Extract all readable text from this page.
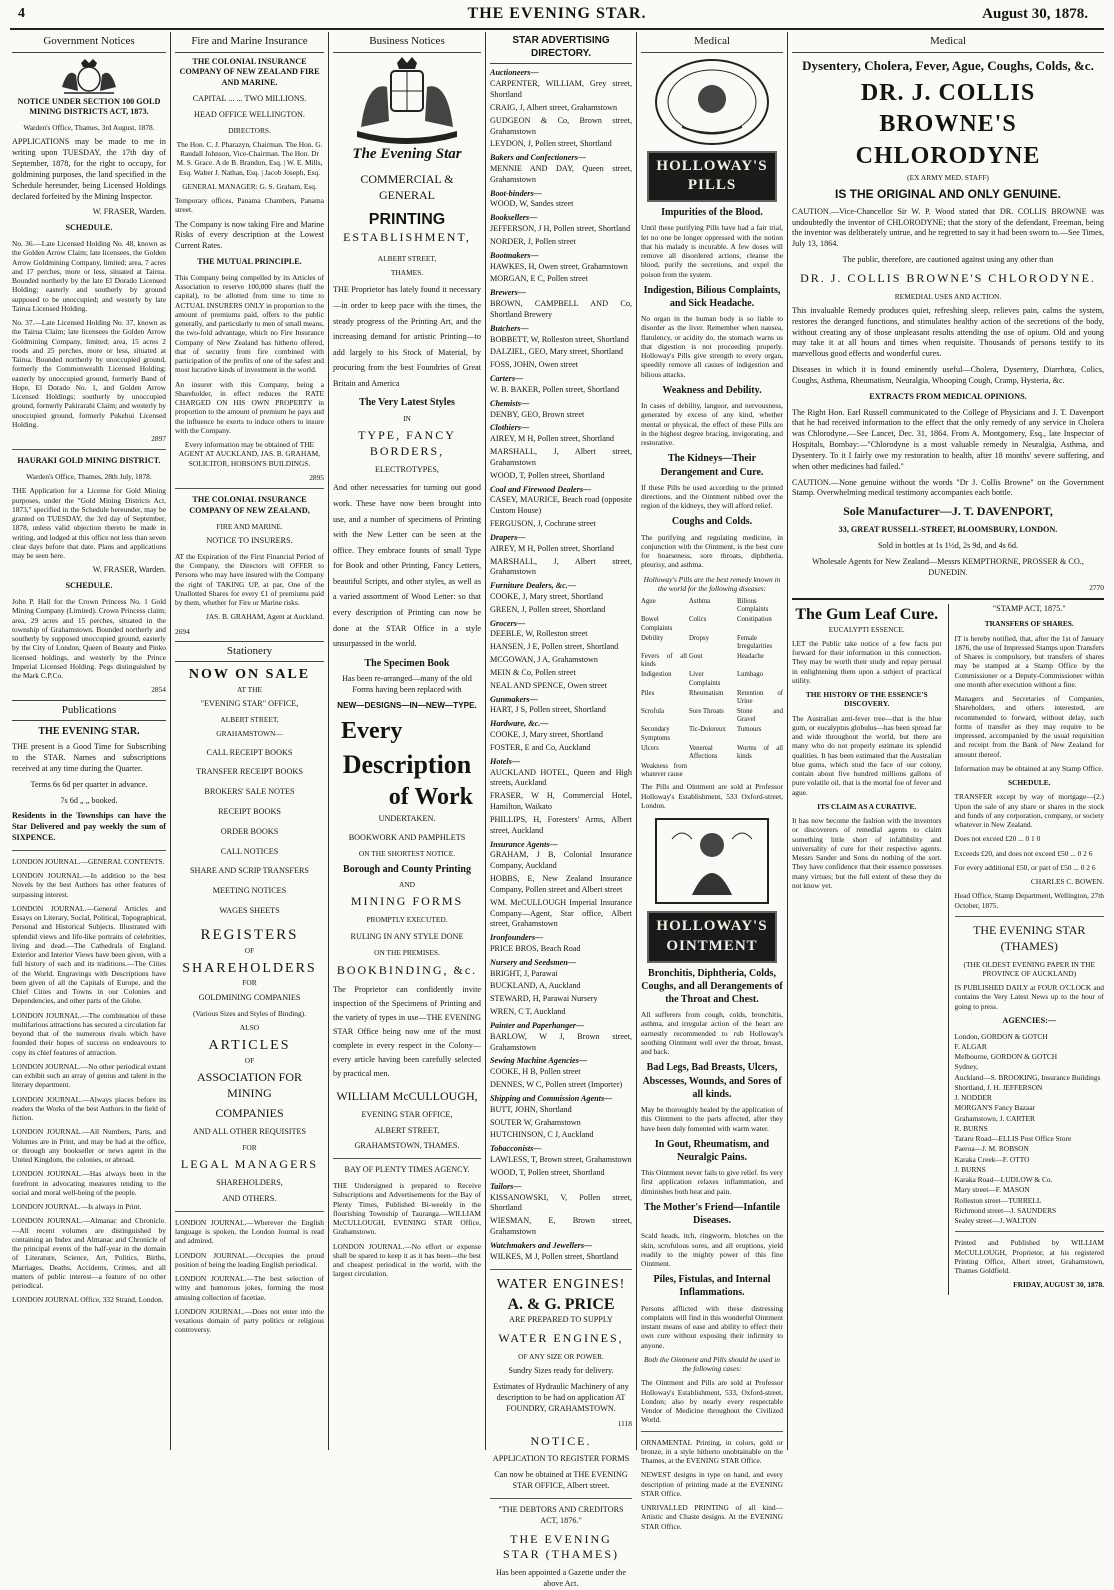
4	THE EVENING STAR.	August 30, 1878.
Government Notices
NOTICE UNDER SECTION 100 GOLD MINING DISTRICTS ACT, 1873.
Warden's Office, Thames, 3rd August, 1878.
APPLICATIONS may be made to me in writing upon TUESDAY, the 17th day of September, 1878, for the right to occupy, for goldmining purposes, the land specified in the Schedule hereunder, being Licensed Holdings declared forfeited by the Mining Inspector.
W. FRASER, Warden.
SCHEDULE.
No. 36.—Late Licensed Holding No. 48, known as the Golden Arrow Claim; late licensees, the Golden Arrow Goldmining Company, limited; area, 7 acres and 17 perches, more or less, situated at Tairua. Bounded northerly by the late El Dorado Licensed Holding; easterly and southerly by ground supposed to be unoccupied; and westerly by late Tairua Licensed Holding.
No. 37.—Late Licensed Holding No. 37, known as the Tairua Claim; late licensees the Golden Arrow Goldmining Company, limited; area, 15 acres 2 roods and 25 perches, more or less, situated at Tairua. Bounded northerly by unoccupied ground, formerly the Commonwealth Licensed Holding; easterly by unoccupied ground, formerly Band of Hope, El Dorado No. 1, and Golden Arrow Licensed Holdings; southerly by unoccupied ground, formerly Pakirarahi Claim; and westerly by unoccupied ground, formerly Pukehui Licensed Holding.
2897
HAURAKI GOLD MINING DISTRICT.
Warden's Office, Thames, 28th July, 1878.
THE Application for a License for Gold Mining purposes, under the "Gold Mining Districts Act, 1873," specified in the Schedule hereunder, may be granted on TUESDAY, the 3rd day of September, 1878, unless valid objection thereto be made in writing, and lodged at this office not less than seven clear days before that date. Plans and applications may be seen here.
W. FRASER, Warden.
SCHEDULE.
John P. Hall for the Crown Princess No. 1 Gold Mining Company (Limited). Crown Princess claim; area, 29 acres and 15 perches, situated in the township of Grahamstown. Bounded northerly and southerly by supposed unoccupied ground, easterly by the City of London, Queen of Beauty and Pinko licensed holdings, and westerly by the Prince Imperial Licensed Holding. Pegs distinguished by the Mark C.P.Co.
2854
Publications
THE EVENING STAR.
THE present is a Good Time for Subscribing to the STAR. Names and subscriptions received at any time during the Quarter.
Terms 6s 6d per quarter in advance.
7s 6d „ „ booked.
Residents in the Townships can have the Star Delivered and pay weekly the sum of SIXPENCE.
LONDON JOURNAL.—GENERAL CONTENTS.
LONDON JOURNAL.—In addition to the best Novels by the best Authors has other features of surpassing interest.
LONDON JOURNAL.—General Articles and Essays on Literary, Social, Political, Topographical, Personal and Historical Subjects. Illustrated with splendid views and life-like portraits of celebrities, living and dead.—The Cathedrals of England. Exterior and Interior Views have been given, with a full history of each and its traditions.—The Cities of the World. Engravings with Descriptions have been given of all the Capitals of Europe, and the Chief Cities and Towns in our Colonies and Dependencies, and other parts of the Globe.
LONDON JOURNAL.—The combination of these multifarious attractions has secured a circulation far beyond that of the numerous rivals which have founded their hopes of success on endeavours to copy its chief features of attraction.
LONDON JOURNAL.—No other periodical extant can exhibit such an array of genius and talent in the literary department.
LONDON JOURNAL.—Always places before its readers the Works of the best Authors in the field of fiction.
LONDON JOURNAL.—All Numbers, Parts, and Volumes are in Print, and may be had at the office, or through any bookseller or news agent in the United Kingdom, the colonies, or abroad.
LONDON JOURNAL.—Has always been in the forefront in advocating measures tending to the social and moral well-being of the people.
LONDON JOURNAL.—Is always in Print.
LONDON JOURNAL.—Almanac and Chronicle.—All recent volumes are distinguished by containing an Index and Almanac and Chronicle of the principal events of the half-year in the domain of Literature, Science, Art, Politics, Births, Marriages, Deaths, Accidents, Crimes, and all matters of public interest—a feature of no other periodical.
LONDON JOURNAL Office, 332 Strand, London.
Fire and Marine Insurance
THE COLONIAL INSURANCE COMPANY OF NEW ZEALAND FIRE AND MARINE.
CAPITAL ... ... TWO MILLIONS.
HEAD OFFICE WELLINGTON.
DIRECTORS.
The Hon. C. J. Pharazyn, Chairman. The Hon. G. Randall Johnson, Vice-Chairman. The Hon. Dr M. S. Grace. A de B. Brandon, Esq. | W. E. Mills, Esq. Walter J. Nathan, Esq. | Jacob Joseph, Esq.
GENERAL MANAGER: G. S. Graham, Esq.
Temporary offices, Panama Chambers, Panama street.
The Company is now taking Fire and Marine Risks of every description at the Lowest Current Rates.
THE MUTUAL PRINCIPLE.
This Company being compelled by its Articles of Association to reserve 100,000 shares (half the capital), to be allotted from time to time to ACTUAL INSURERS ONLY in proportion to the amount of premiums paid, offers to the public generally, and particularly to men of small means, the two-fold advantage, which no Fire Insurance Company of New Zealand has hitherto offered, that of security from fire combined with participation of the profits of one of the safest and most lucrative kinds of investment in the world.
An insurer with this Company, being a Shareholder, in effect reduces the RATE CHARGED ON HIS OWN PROPERTY in proportion to the amount of premium he pays and the influence he exerts to induce others to insure with the Company.
Every information may be obtained of THE AGENT AT AUCKLAND, JAS. B. GRAHAM, SOLICITOR, HOBSON'S BUILDINGS.
2895
THE COLONIAL INSURANCE COMPANY OF NEW ZEALAND,
FIRE AND MARINE.
NOTICE TO INSURERS.
AT the Expiration of the First Financial Period of the Company, the Directors will OFFER to Persons who may have insured with the Company the right of TAKING UP, at par, One of the Unallotted Shares for every £1 of premiums paid by them, whether for Fire or Marine risks.
JAS. B. GRAHAM, Agent at Auckland.
2694
Stationery
NOW ON SALE
AT THE
"EVENING STAR" OFFICE,
ALBERT STREET,
GRAHAMSTOWN—
CALL RECEIPT BOOKS
TRANSFER RECEIPT BOOKS
BROKERS' SALE NOTES
RECEIPT BOOKS
ORDER BOOKS
CALL NOTICES
SHARE AND SCRIP TRANSFERS
MEETING NOTICES
WAGES SHEETS
REGISTERS
OF
SHAREHOLDERS
FOR
GOLDMINING COMPANIES
(Various Sizes and Styles of Binding).
ALSO
ARTICLES
OF
ASSOCIATION FOR MINING
COMPANIES
AND ALL OTHER REQUISITES
FOR
LEGAL MANAGERS
SHAREHOLDERS,
AND OTHERS.
LONDON JOURNAL.—Wherever the English language is spoken, the London Journal is read and admired.
LONDON JOURNAL.—Occupies the proud position of being the leading English periodical.
LONDON JOURNAL.—The best selection of witty and humorous jokes, forming the most amusing collection of facetiae.
LONDON JOURNAL.—Does not enter into the vexatious domain of party politics or religious controversy.
Business Notices
The Evening Star
COMMERCIAL & GENERAL
PRINTING
ESTABLISHMENT,
ALBERT STREET,
THAMES.
THE Proprietor has lately found it necessary—in order to keep pace with the times, the steady progress of the Printing Art, and the increasing demand for artistic Printing—to add largely to his Stock of Material, by procuring from the best Foundries of Great Britain and America
The Very Latest Styles
IN
TYPE, FANCY BORDERS,
ELECTROTYPES,
And other necessaries for turning out good work. These have now been brought into use, and a number of specimens of Printing with the New Letter can be seen at the office. They embrace founts of small Type for Book and other Printing, Fancy Letters, beautiful Scripts, and other styles, as well as a varied assortment of Wood Letter: so that every description of Printing can now be done at the STAR Office in a style unsurpassed in the world.
The Specimen Book
Has been re-arranged—many of the old Forms having been replaced with
NEW—DESIGNS—IN—NEW—TYPE.
Every
Description
of Work
UNDERTAKEN.
BOOKWORK AND PAMPHLETS
ON THE SHORTEST NOTICE.
Borough and County Printing
AND
MINING FORMS
PROMPTLY EXECUTED.
RULING IN ANY STYLE DONE
ON THE PREMISES.
BOOKBINDING, &c.
The Proprietor can confidently invite inspection of the Specimens of Printing and the variety of types in use—THE EVENING STAR Office being now one of the most complete in every respect in the Colony—every article having been carefully selected by practical men.
WILLIAM McCULLOUGH,
EVENING STAR OFFICE,
ALBERT STREET,
GRAHAMSTOWN, THAMES.
BAY OF PLENTY TIMES AGENCY.
THE Undersigned is prepared to Receive Subscriptions and Advertisements for the Bay of Plenty Times, Published Bi-weekly in the flourishing Township of Tauranga.—WILLIAM McCULLOUGH, EVENING STAR Office, Grahamstown.
LONDON JOURNAL.—No effort or expense shall be spared to keep it as it has been—the best and cheapest periodical in the world, with the largest circulation.
STAR ADVERTISING DIRECTORY.
Auctioneers—
CARPENTER, WILLIAM, Grey street, Shortland
CRAIG, J, Albert street, Grahamstown
GUDGEON & Co, Brown street, Grahamstown
LEYDON, J, Pollen street, Shortland
Bakers and Confectioners—
MENNIE AND DAY, Queen street, Grahamstown
Boot-binders—
WOOD, W, Sandes street
Booksellers—
JEFFERSON, J H, Pollen street, Shortland
NORDER, J, Pollen street
Bootmakers—
HAWKES, H, Owen street, Grahamstown
MORGAN, E C, Pollen street
Brewers—
BROWN, CAMPBELL AND Co, Shortland Brewery
Butchers—
BOBBETT, W, Rolleston street, Shortland
DALZIEL, GEO, Mary street, Shortland
FOSS, JOHN, Owen street
Carters—
W. B. BAKER, Pollen street, Shortland
Chemists—
DENBY, GEO, Brown street
Clothiers—
AIREY, M H, Pollen street, Shortland
MARSHALL, J, Albert street, Grahamstown
WOOD, T, Pollen street, Shortland
Coal and Firewood Dealers—
CASEY, MAURICE, Beach road (opposite Custom House)
FERGUSON, J, Cochrane street
Drapers—
AIREY, M H, Pollen street, Shortland
MARSHALL, J, Albert street, Grahamstown
Furniture Dealers, &c.—
COOKE, J, Mary street, Shortland
GREEN, J, Pollen street, Shortland
Grocers—
DEEBLE, W, Rolleston street
HANSEN, J E, Pollen street, Shortland
MCGOWAN, J A, Grahamstown
MEIN & Co, Pollen street
NEAL AND SPENCE, Owen street
Gunmakers—
HART, J S, Pollen street, Shortland
Hardware, &c.—
COOKE, J, Mary street, Shortland
FOSTER, E and Co, Auckland
Hotels—
AUCKLAND HOTEL, Queen and High streets, Auckland
FRASER, W H, Commercial Hotel, Hamilton, Waikato
PHILLIPS, H, Foresters' Arms, Albert street, Auckland
Insurance Agents—
GRAHAM, J B, Colonial Insurance Company, Auckland
HOBBS, E, New Zealand Insurance Company, Pollen street and Albert street
WM. McCULLOUGH Imperial Insurance Company—Agent, Star office, Albert street, Grahamstown
Ironfounders—
PRICE BROS, Beach Road
Nursery and Seedsmen—
BRIGHT, J, Parawai
BUCKLAND, A, Auckland
STEWARD, H, Parawai Nursery
WREN, C T, Auckland
Painter and Paperhanger—
BARLOW, W J, Brown street, Grahamstown
Sewing Machine Agencies—
COOKE, H B, Pollen street
DENNES, W C, Pollen street (Importer)
Shipping and Commission Agents—
BUTT, JOHN, Shortland
SOUTER W, Grahamstown
HUTCHINSON, C J, Auckland
Tobacconists—
LAWLESS, T, Brown street, Grahamstown
WOOD, T, Pollen street, Shortland
Tailors—
KISSANOWSKI, V, Pollen street, Shortland
WIESMAN, E, Brown street, Grahamstown
Watchmakers and Jewellers—
WILKES, M J, Pollen street, Shortland
WATER ENGINES!
A. & G. PRICE
ARE PREPARED TO SUPPLY
WATER ENGINES,
OF ANY SIZE OR POWER.
Sundry Sizes ready for delivery.
Estimates of Hydraulic Machinery of any description to be had on application AT FOUNDRY, GRAHAMSTOWN.
1118
NOTICE.
APPLICATION TO REGISTER FORMS
Can now be obtained at THE EVENING STAR OFFICE, Albert street.
"THE DEBTORS AND CREDITORS ACT, 1876."
THE EVENING STAR (THAMES)
Has been appointed a Gazette under the above Act.
Medical
HOLLOWAY'S PILLS
Impurities of the Blood.
Until these purifying Pills have had a fair trial, let no one be longer oppressed with the notion that his malady is incurable. A few doses will remove all disordered actions, cleanse the blood, purify the secretions, and expel the poison from the system.
Indigestion, Bilious Complaints, and Sick Headache.
No organ in the human body is so liable to disorder as the liver. Remember when nausea, flatulency, or acidity do, the stomach warns us that digestion is not proceeding properly. Holloway's Pills give strength to every organ, speedily remove all causes of indigestion and bilious attacks.
Weakness and Debility.
In cases of debility, languor, and nervousness, generated by excess of any kind, whether mental or physical, the effect of these Pills are in the highest degree bracing, invigorating, and restorative.
The Kidneys—Their Derangement and Cure.
If these Pills be used according to the printed directions, and the Ointment rubbed over the region of the kidneys, they will afford relief.
Coughs and Colds.
The purifying and regulating medicine, in conjunction with the Ointment, is the best cure for hoarseness, sore throats, diphtheria, pleurisy, and asthma.
Holloway's Pills are the best remedy known in the world for the following diseases:
Ague	Asthma	Bilious Complaints
Bowel Complaints
Colics	Constipation
Debility	Dropsy	Female Irregularities
Fevers of all kinds
Gout	Headache
Indigestion	Liver Complaints
Lumbago
Piles	Rheumatism	Retention of Urine
Scrofula	Sore Throats	Stone and Gravel
Secondary Symptoms
Tic-Doloreux	Tumours
Ulcers	Venereal Affections
Worms of all kinds
Weakness from whatever cause
The Pills and Ointment are sold at Professor Holloway's Establishment, 533 Oxford-street, London.
HOLLOWAY'S OINTMENT
Bronchitis, Diphtheria, Colds, Coughs, and all Derangements of the Throat and Chest.
All sufferers from cough, colds, bronchitis, asthma, and irregular action of the heart are earnestly recommended to rub Holloway's soothing Ointment well over the throat, breast, and back.
Bad Legs, Bad Breasts, Ulcers, Abscesses, Wounds, and Sores of all kinds.
May be thoroughly healed by the application of this Ointment to the parts affected, after they have been duly fomented with warm water.
In Gout, Rheumatism, and Neuralgic Pains.
This Ointment never fails to give relief. Its very first application relaxes inflammation, and diminishes both heat and pain.
The Mother's Friend—Infantile Diseases.
Scald heads, itch, ringworm, blotches on the skin, scrofulous sores, and all eruptions, yield readily to the mighty power of this fine Ointment.
Piles, Fistulas, and Internal Inflammations.
Persons afflicted with these distressing complaints will find in this wonderful Ointment instant means of ease and ability to effect their own cure without exposing their infirmity to anyone.
Both the Ointment and Pills should be used in the following cases:
The Ointment and Pills are sold at Professor Holloway's Establishment, 533, Oxford-street, London; also by nearly every respectable Vendor of Medicine throughout the Civilized World.
ORNAMENTAL Printing, in colors, gold or bronze, in a style hitherto unobtainable on the Thames, at the EVENING STAR Office.
NEWEST designs in type on hand, and every description of printing made at the EVENING STAR Office.
UNRIVALLED PRINTING of all kind—Artistic and Chaste designs. At the EVENING STAR Office.
Medical
Dysentery, Cholera, Fever, Ague, Coughs, Colds, &c.
DR. J. COLLIS BROWNE'S CHLORODYNE
(EX ARMY MED. STAFF)
IS THE ORIGINAL AND ONLY GENUINE.
CAUTION.—Vice-Chancellor Sir W. P. Wood stated that DR. COLLIS BROWNE was undoubtedly the inventor of CHLORODYNE; that the story of the defendant, Freeman, being the inventor was deliberately untrue, and he regretted to say it had been sworn to.—See Times, July 13, 1864.
The public, therefore, are cautioned against using any other than
DR. J. COLLIS BROWNE'S CHLORODYNE.
REMEDIAL USES AND ACTION.
This invaluable Remedy produces quiet, refreshing sleep, relieves pain, calms the system, restores the deranged functions, and stimulates healthy action of the secretions of the body, without creating any of those unpleasant results attending the use of opium. Old and young may take it at all hours and times when requisite. Thousands of persons testify to its marvellous good effects and wonderful cures.
Diseases in which it is found eminently useful—Cholera, Dysentery, Diarrhœa, Colics, Coughs, Asthma, Rheumatism, Neuralgia, Whooping Cough, Cramp, Hysteria, &c.
EXTRACTS FROM MEDICAL OPINIONS.
The Right Hon. Earl Russell communicated to the College of Physicians and J. T. Davenport that he had received information to the effect that the only remedy of any service in Cholera was Chlorodyne.—See Lancet, Dec. 31, 1864. From A. Montgomery, Esq., late Inspector of Hospitals, Bombay:—"Chlorodyne is a most valuable remedy in Neuralgia, Asthma, and Dysentery. To it I fairly owe my restoration to health, after 18 months' severe suffering, and when other medicines had failed."
CAUTION.—None genuine without the words "Dr J. Collis Browne" on the Government Stamp. Overwhelming medical testimony accompanies each bottle.
Sole Manufacturer—J. T. DAVENPORT,
33, GREAT RUSSELL-STREET, BLOOMSBURY, LONDON.
Sold in bottles at 1s 1½d, 2s 9d, and 4s 6d.
Wholesale Agents for New Zealand—Messrs KEMPTHORNE, PROSSER & CO., DUNEDIN.
2770
The Gum Leaf Cure.
EUCALYPTI ESSENCE.
LET the Public take notice of a few facts put forward for their information in this connection. They may be worth their study and repay perusal in enlightening them upon a subject of practical utility.
THE HISTORY OF THE ESSENCE'S DISCOVERY.
The Australian anti-fever tree—that is the blue gum, or eucalyptus globulus—has been spread far and wide throughout the world, but there are many who do not properly estimate its splendid qualities. It has been estimated that the Australian blue gums, which stud the face of our colony, contain about five hundred millions gallons of pure volatile oil, that is the mortal foe of fever and ague.
ITS CLAIM AS A CURATIVE.
It has now become the fashion with the inventors or discoverers of remedial agents to claim something little short of infallibility and universality of cure for their respective agents. Messrs Sander and Sons do nothing of the sort. They have confidence that their essence possesses many virtues; but the full extent of these they do not know yet.
"STAMP ACT, 1875."
TRANSFERS OF SHARES.
IT is hereby notified, that, after the 1st of January 1876, the use of Impressed Stamps upon Transfers of Shares is compulsory, but transfers of shares may be stamped at a Stamp Office by the Commissioner or a Deputy-Commissioner within one month after execution without a fine.
Managers and Secretaries of Companies, Shareholders, and others interested, are recommended to forward, without delay, such forms of transfer as they may require to be impressed, accompanied by the usual requisition and receipt from the Bank of New Zealand for amount thereof.
Information may be obtained at any Stamp Office.
SCHEDULE.
TRANSFER except by way of mortgage—(2.) Upon the sale of any share or shares in the stock and funds of any corporation, company, or society whatever in New Zealand.
Does not exceed £20 ... 0 1 0
Exceeds £20, and does not exceed £50 ... 0 2 6
For every additional £50, or part of £50 ... 0 2 6
CHARLES C. BOWEN.
Head Office, Stamp Department, Wellington, 27th October, 1875.
THE EVENING STAR (THAMES)
(THE OLDEST EVENING PAPER IN THE PROVINCE OF AUCKLAND)
IS PUBLISHED DAILY at FOUR O'CLOCK and contains the Very Latest News up to the hour of going to press.
AGENCIES:—
London, GORDON & GOTCH
F. ALGAR
Melbourne, GORDON & GOTCH
Sydney,
Auckland—S. BROOKING, Insurance Buildings
Shortland, J. H. JEFFERSON
J. NODDER
MORGAN'S Fancy Bazaar
Grahamstown, J. CARTER
R. BURNS
Tararu Road—ELLIS Post Office Store
Paeroa—J. M. ROBSON
Karaka Creek—F. OTTO
J. BURNS
Karaka Road—LUDLOW & Co.
Mary street—F. MASON
Rolleston street—TURRELL
Richmond street—J. SAUNDERS
Sealey street—J. WALTON
Printed and Published by WILLIAM McCULLOUGH, Proprietor, at his registered Printing Office, Albert street, Grahamstown, Thames Goldfield.
FRIDAY, AUGUST 30, 1878.
